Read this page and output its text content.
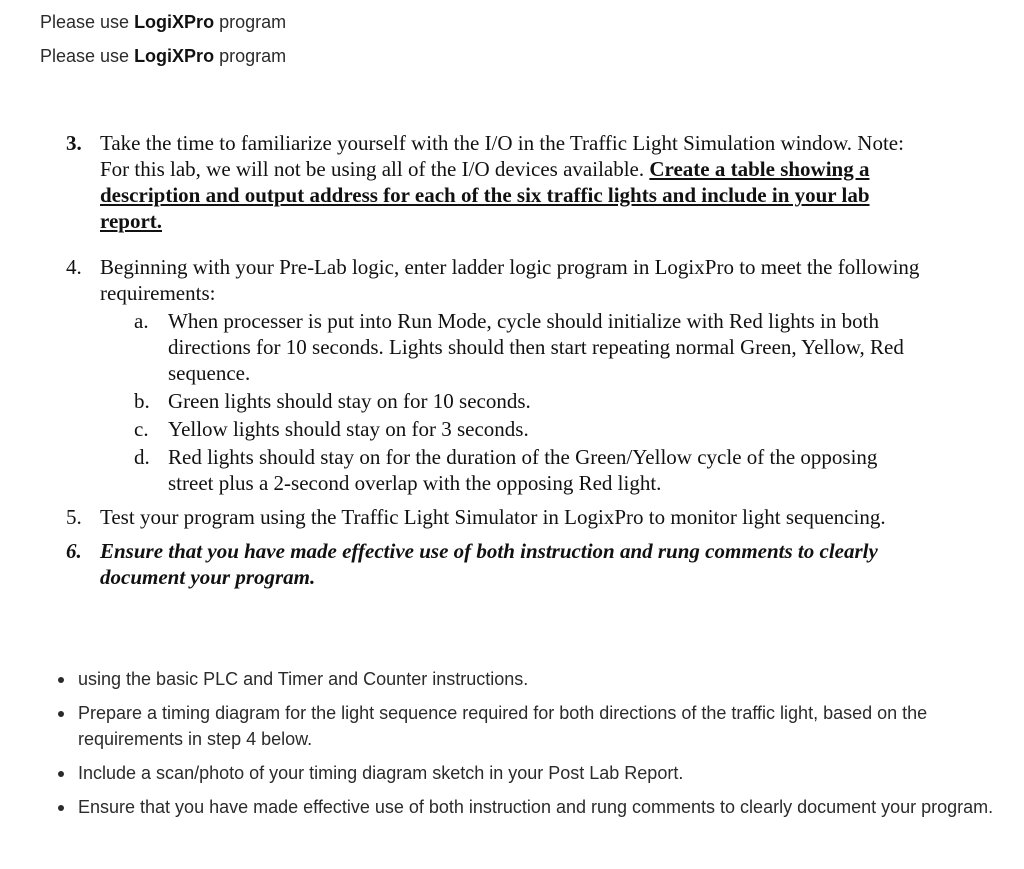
Please use LogiXPro program
Please use LogiXPro program
3. Take the time to familiarize yourself with the I/O in the Traffic Light Simulation window. Note: For this lab, we will not be using all of the I/O devices available. Create a table showing a description and output address for each of the six traffic lights and include in your lab report.
4. Beginning with your Pre-Lab logic, enter ladder logic program in LogixPro to meet the following requirements:
a. When processer is put into Run Mode, cycle should initialize with Red lights in both directions for 10 seconds. Lights should then start repeating normal Green, Yellow, Red sequence.
b. Green lights should stay on for 10 seconds.
c. Yellow lights should stay on for 3 seconds.
d. Red lights should stay on for the duration of the Green/Yellow cycle of the opposing street plus a 2-second overlap with the opposing Red light.
5. Test your program using the Traffic Light Simulator in LogixPro to monitor light sequencing.
6. Ensure that you have made effective use of both instruction and rung comments to clearly document your program.
using the basic PLC and Timer and Counter instructions.
Prepare a timing diagram for the light sequence required for both directions of the traffic light, based on the requirements in step 4 below.
Include a scan/photo of your timing diagram sketch in your Post Lab Report.
Ensure that you have made effective use of both instruction and rung comments to clearly document your program.
